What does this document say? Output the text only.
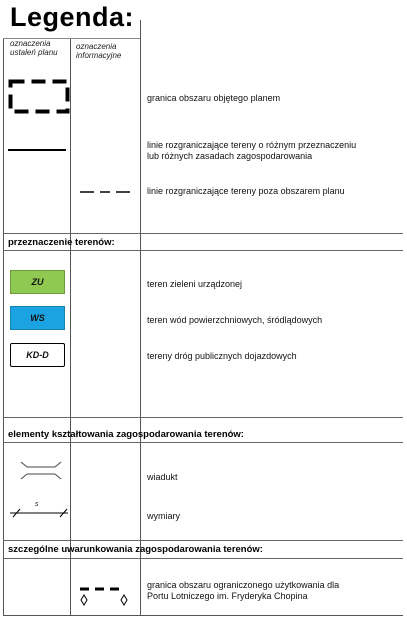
Legenda:
oznaczenia ustaleń planu
oznaczenia informacyjne
granica obszaru objętego planem
linie rozgraniczające tereny o różnym przeznaczeniu
lub różnych zasadach zagospodarowania
linie rozgraniczające tereny poza obszarem planu
przeznaczenie terenów:
ZU	teren zieleni urządzonej
WS	teren wód powierzchniowych, śródlądowych
KD-D	tereny dróg publicznych dojazdowych
elementy kształtowania zagospodarowania terenów:
wiadukt
s
wymiary
szczególne uwarunkowania zagospodarowania terenów:
granica obszaru ograniczonego użytkowania dla
Portu Lotniczego im. Fryderyka Chopina
